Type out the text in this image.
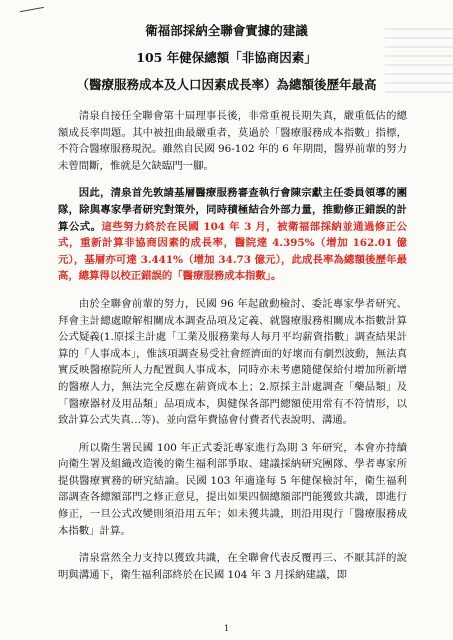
衛福部採納全聯會實據的建議
105 年健保總額「非協商因素」
（醫療服務成本及人口因素成長率）為總額後歷年最高

清泉自接任全聯會第十屆理事長後，非常重視長期失真，嚴重低估的總額成長率問題。其中被扭曲最嚴重者，莫過於「醫療服務成本指數」指標，不符合醫療服務現況。雖然自民國 96-102 年的 6 年期間，醫界前輩的努力未曾間斷，惟就是欠缺臨門一腳。

因此，清泉首先敦請基層醫療服務審查執行會陳宗獻主任委員領導的團隊，除與專家學者研究對策外，同時積極結合外部力量，推動修正錯誤的計算公式。這些努力終於在民國 104 年 3 月，被衛福部採納並通過修正公式，重新計算非協商因素的成長率，醫院達 4.395%（增加 162.01 億元），基層亦可達 3.441%（增加 34.73 億元），此成長率為總額後歷年最高，總算得以校正錯誤的「醫療服務成本指數」。

由於全聯會前輩的努力，民國 96 年起啟動檢討、委託專家學者研究、拜會主計總處瞭解相關成本調查品項及定義、就醫療服務相關成本指數計算公式疑義(1.原採主計處「工業及服務業每人每月平均薪資指數」調查結果計算的「人事成本」，惟該項調查易受社會經濟面的好壞而有劇烈波動，無法真實反映醫療院所人力配置與人事成本，同時亦未考慮隨健保給付增加所新增的醫療人力，無法完全反應在薪資成本上；2.原採主計處調查「藥品類」及「醫療器材及用品類」品項成本，與健保各部門總額使用常有不符情形，以致計算公式失真…等)、並向當年費協會付費者代表說明、溝通。

所以衛生署民國 100 年正式委託專家進行為期 3 年研究，本會亦持續向衛生署及組織改造後的衛生福利部爭取、建議採納研究團隊、學者專家所提供醫療實務的研究結論。民國 103 年適逢每 5 年健保檢討年，衛生福利部調查各總額部門之修正意見，提出如果四個總額部門能獲致共識，即進行修正，一旦公式改變則須沿用五年；如未獲共識，則沿用現行「醫療服務成本指數」計算。

清泉當然全力支持以獲致共識，在全聯會代表反覆再三、不厭其詳的說明與溝通下，衛生福利部終於在民國 104 年 3 月採納建議，即

1
